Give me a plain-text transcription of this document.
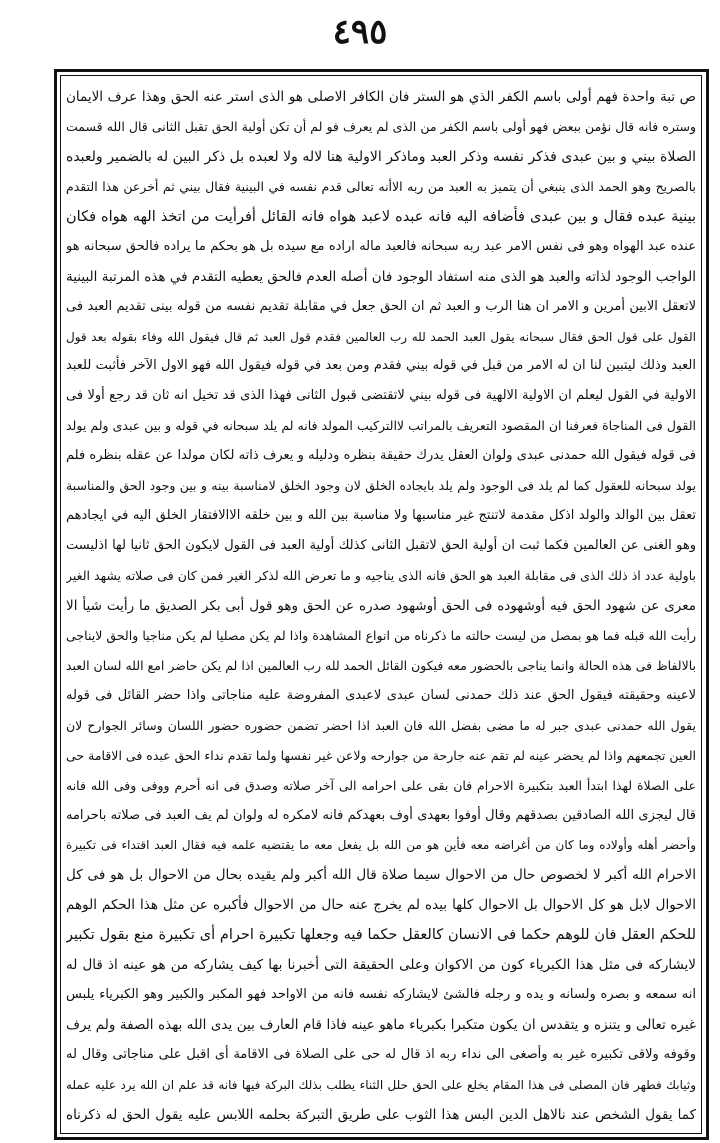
٤٩٥
ص تبة واحدة فهم أولى باسم الكفر الذي هو الستر فان الكافر الاصلى هو الذى استر عنه الحق وهذا عرف الايمان
وستره فانه قال نؤمن ببعض فهو أولى باسم الكفر من الذى لم يعرف فو لم أن تكن أولية الحق تقبل الثانى قال الله قسمت
الصلاة بيني و بين عبدى فذكر نفسه وذكر العبد وماذكر الاولية هنا لاله ولا لعبده بل ذكر البين له بالضمير ولعبده
بالصريح وهو الحمد الذى ينبغي أن يتميز به العبد من ربه الاأنه تعالى قدم نفسه في البينية فقال بيني ثم أخرعن هذا التقدم
بينية عبده فقال و بين عبدى فأضافه اليه فانه عبده لاعبد هواه فانه القائل أفرأيت من اتخذ الهه هواه فكان
عنده عبد الهواه وهو فى نفس الامر عبد ربه سبحانه فالعبد ماله اراده مع سيده بل هو بحكم ما يراده فالحق سبحانه هو
الواجب الوجود لذاته والعبد هو الذى منه استفاد الوجود فان أصله العدم فالحق يعطيه التقدم في هذه المرتبة البينية
لاتعقل الابين أمرين و الامر ان هنا الرب و العبد ثم ان الحق جعل في مقابلة تقديم نفسه من قوله بينى تقديم العبد فى
القول على قول الحق فقال سبحانه يقول العبد الحمد لله رب العالمين فقدم قول العبد ثم قال فيقول الله وفاء بقوله بعد قول
العبد وذلك ليتبين لنا ان له الامر من قبل في قوله بيني فقدم ومن بعد في قوله فيقول الله فهو الاول الآخر فأثبت للعبد
الاولية في القول ليعلم ان الاولية الالهية فى قوله بيني لاتقتضى قبول الثانى فهذا الذى قد تخيل انه ثان قد رجع أولا فى
القول فى المناجاة فعرفنا ان المقصود التعريف بالمراتب لاالتركيب المولد فانه لم يلد سبحانه في قوله و بين عبدى ولم يولد
فى قوله فيقول الله حمدنى عبدى ولوان العقل يدرك حقيقة بنظره ودليله و يعرف ذاته لكان مولدا عن عقله بنظره فلم
يولد سبحانه للعقول كما لم يلد فى الوجود ولم يلد بايجاده الخلق لان وجود الخلق لامناسبة بينه و بين وجود الحق والمناسبة
تعقل بين الوالد والولد اذكل مقدمة لاتنتج غير مناسبها ولا مناسبة بين الله و بين خلقه الاالافتقار الخلق اليه في ايجادهم
وهو الغنى عن العالمين فكما ثبت ان أولية الحق لاتقبل الثانى كذلك أولية العبد فى القول لايكون الحق ثانيا لها اذليست
باولية عدد اذ ذلك الذى فى مقابلة العبد هو الحق فانه الذى يناجيه و ما تعرض الله لذكر الغير فمن كان فى صلاته يشهد الغير
معرى عن شهود الحق فيه أوشهوده فى الحق أوشهود صدره عن الحق وهو قول أبى بكر الصديق ما رأيت شيأ الا
رأيت الله قبله فما هو بمصل من ليست حالته ما ذكرناه من انواع المشاهدة واذا لم يكن مصليا لم يكن مناجيا والحق لايناجى
بالالفاظ فى هذه الحالة وانما يناجى بالحضور معه فيكون القائل الحمد لله رب العالمين اذا لم يكن حاضر امع الله لسان العبد
لاعينه وحقيقته فيقول الحق عند ذلك حمدنى لسان عبدى لاعبدى المفروضة عليه مناجاتى واذا حضر القائل فى قوله
يقول الله حمدنى عبدى جبر له ما مضى بفضل الله فان العبد اذا احضر تضمن حضوره حضور اللسان وسائر الجوارح لان
العين تجمعهم واذا لم يحضر عينه لم تقم عنه جارحة من جوارحه ولاعن غير نفسها ولما تقدم نداء الحق عبده فى الاقامة حى
على الصلاة لهذا ابتدأ العبد بتكبيرة الاحرام فان بقى على احرامه الى آخر صلاته وصدق فى انه أحرم ووفى وفى الله فانه
قال ليجزى الله الصادقين بصدقهم وقال أوفوا بعهدى أوف بعهدكم فانه لامكره له ولوان لم يف العبد فى صلاته باحرامه
وأحضر أهله وأولاده وما كان من أغراضه معه فأين هو من الله بل يفعل معه ما يقتضيه علمه فيه فقال العبد اقتداء فى تكبيرة
الاحرام الله أكبر لا لخصوص حال من الاحوال سيما صلاة قال الله أكبر ولم يقيده بحال من الاحوال بل هو فى كل
الاحوال لابل هو كل الاحوال بل الاحوال كلها بيده لم يخرج عنه حال من الاحوال فأكبره عن مثل هذا الحكم الوهم
للحكم العقل فان للوهم حكما فى الانسان كالعقل حكما فيه وجعلها تكبيرة احرام أى تكبيرة منع بقول تكبير
لايشاركه فى مثل هذا الكبرياء كون من الاكوان وعلى الحقيقة التى أخبرنا بها كيف يشاركه من هو عينه اذ قال له
انه سمعه و بصره ولسانه و يده و رجله فالشئ لايشاركه نفسه فانه من الاواحد فهو المكبر والكبير وهو الكبرياء يلبس
غيره تعالى و يتنزه و يتقدس ان يكون متكبرا بكبرياء ماهو عينه فاذا قام العارف بين يدى الله بهذه الصفة ولم يرف
وقوفه ولاقى تكبيره غير به وأصغى الى نداء ربه اذ قال له حى على الصلاة فى الاقامة أى اقبل على مناجاتى وقال له
وثيابك فطهر فان المصلى فى هذا المقام يخلع على الحق حلل الثناء يطلب بذلك البركة فيها فانه قد علم ان الله يرد عليه عمله
كما يقول الشخص عند نالاهل الدين البس هذا الثوب على طريق التبركة بحلمه اللابس عليه يقول الحق له ذكرناه
